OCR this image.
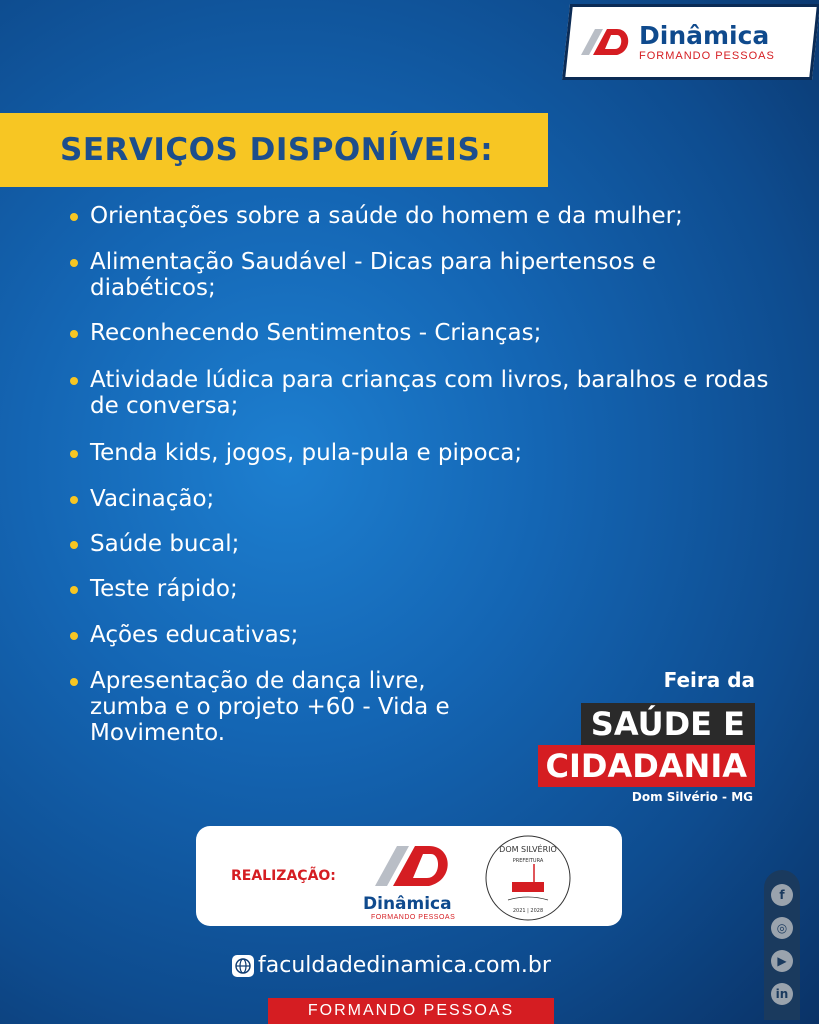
Dinâmica
FORMANDO PESSOAS
SERVIÇOS DISPONÍVEIS:
Orientações sobre a saúde do homem e da mulher;
Alimentação Saudável - Dicas para hipertensos e diabéticos;
Reconhecendo Sentimentos - Crianças;
Atividade lúdica para crianças com livros, baralhos e rodas de conversa;
Tenda kids, jogos, pula-pula e pipoca;
Vacinação;
Saúde bucal;
Teste rápido;
Ações educativas;
Apresentação de dança livre, zumba e o projeto +60 - Vida e Movimento.
Feira da
SAÚDE E
CIDADANIA
Dom Silvério - MG
REALIZAÇÃO:
Dinâmica
FORMANDO PESSOAS
DOM SILVÉRIO
PREFEITURA
2021 | 2028
faculdadedinamica.com.br
FORMANDO PESSOAS
f
◎
▶
in
